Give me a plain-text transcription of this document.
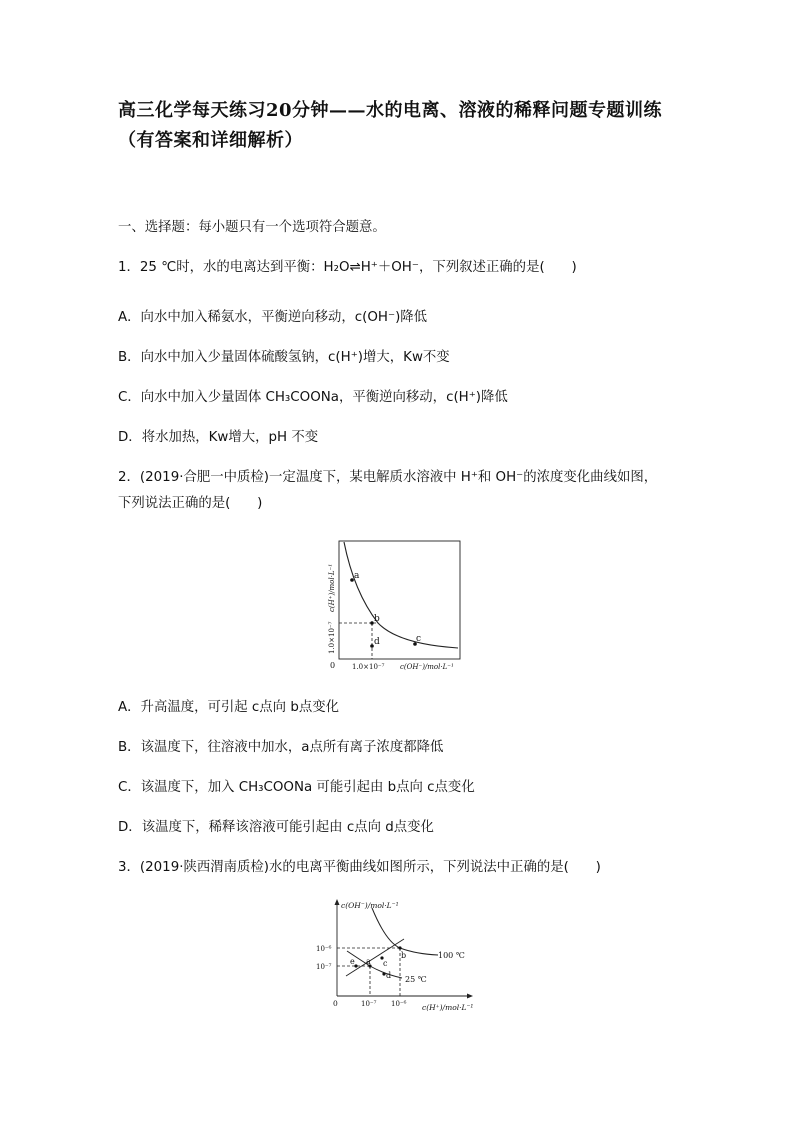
高三化学每天练习20分钟——水的电离、溶液的稀释问题专题训练
（有答案和详细解析）
一、选择题：每小题只有一个选项符合题意。
1．25 ℃时，水的电离达到平衡：H₂O⇌H⁺＋OH⁻，下列叙述正确的是(　　)
A．向水中加入稀氨水，平衡逆向移动，c(OH⁻)降低
B．向水中加入少量固体硫酸氢钠，c(H⁺)增大，Kw不变
C．向水中加入少量固体 CH₃COONa，平衡逆向移动，c(H⁺)降低
D．将水加热，Kw增大，pH 不变
2．(2019·合肥一中质检)一定温度下，某电解质水溶液中 H⁺和 OH⁻的浓度变化曲线如图，
下列说法正确的是(　　)
a
b
c
d
0 1.0×10⁻⁷ c(OH⁻)/mol·L⁻¹
1.0×10⁻⁷
c(H⁺)/mol·L⁻¹
A．升高温度，可引起 c点向 b点变化
B．该温度下，往溶液中加水，a点所有离子浓度都降低
C．该温度下，加入 CH₃COONa 可能引起由 b点向 c点变化
D．该温度下，稀释该溶液可能引起由 c点向 d点变化
3．(2019·陕西渭南质检)水的电离平衡曲线如图所示，下列说法中正确的是(　　)
a
b
c
d
e
100 ℃
25 ℃
c(OH⁻)/mol·L⁻¹
c(H⁺)/mol·L⁻¹
10⁻⁶
10⁻⁷
10⁻⁷ 10⁻⁶
0
